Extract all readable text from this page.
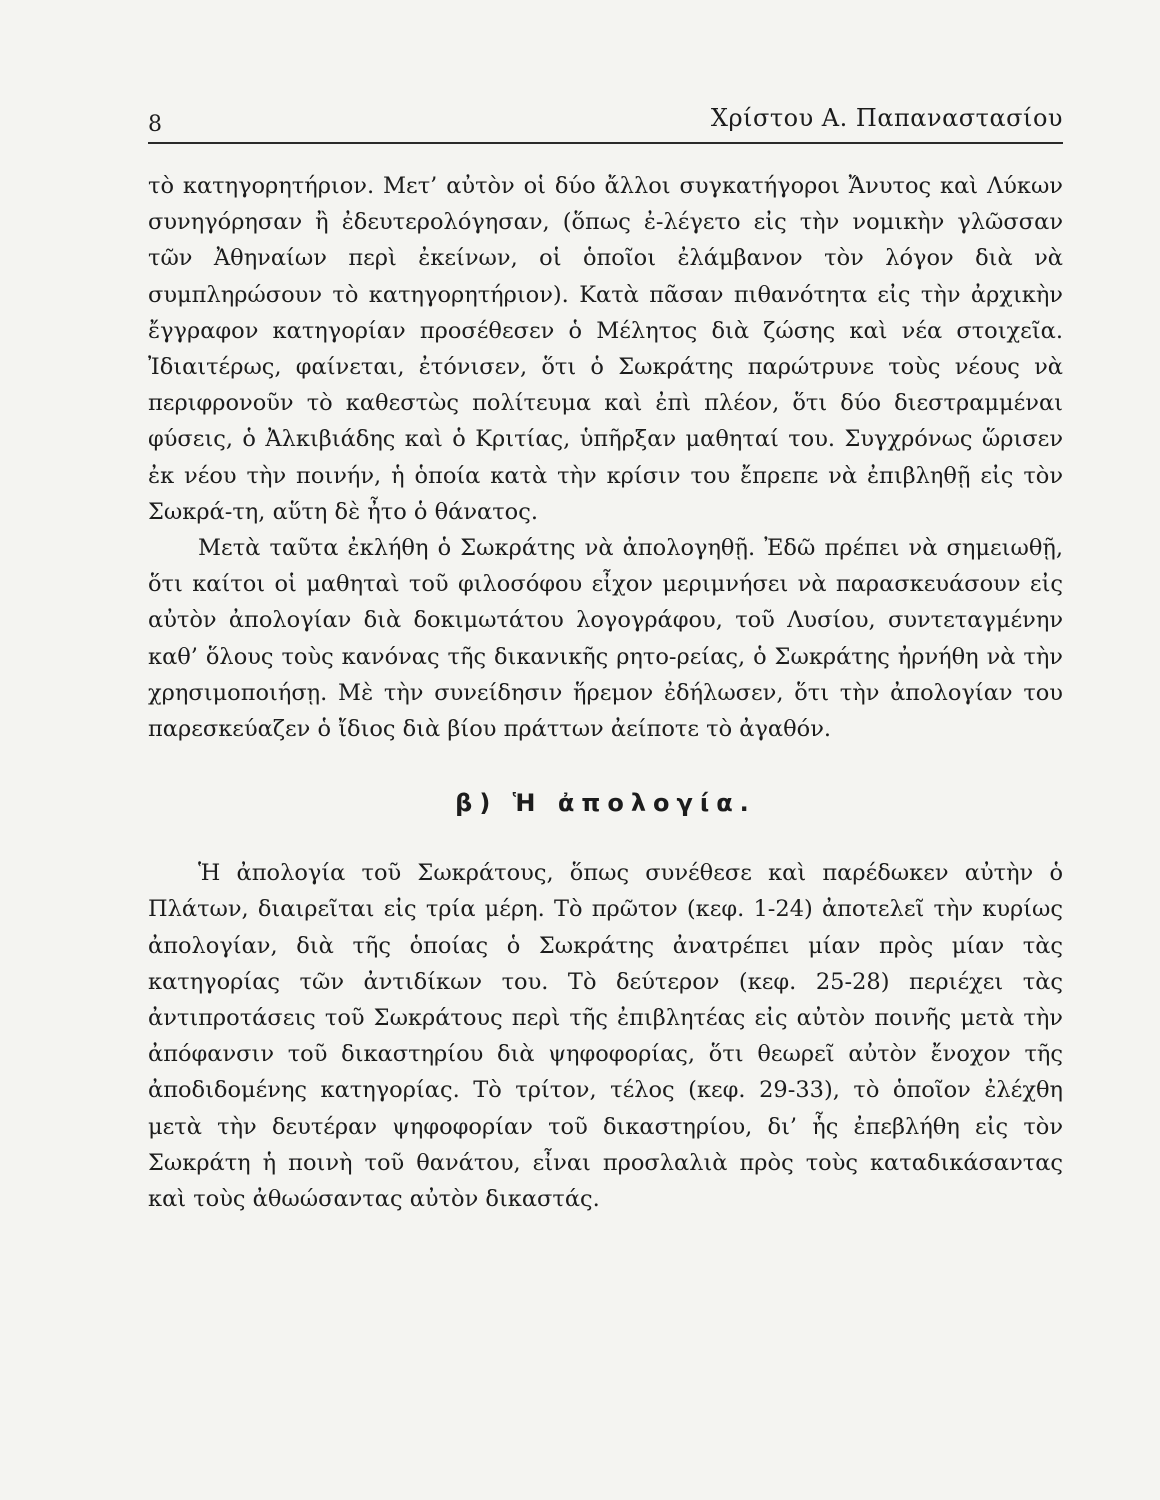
8	Χρίστου Α. Παπαναστασίου

τὸ κατηγορητήριον. Μετ’ αὐτὸν οἱ δύο ἄλλοι συγκατήγοροι Ἄνυτος καὶ Λύκων συνηγόρησαν ἢ ἐδευτερολόγησαν, (ὅπως ἐ-λέγετο εἰς τὴν νομικὴν γλῶσσαν τῶν Ἀθηναίων περὶ ἐκείνων, οἱ ὁποῖοι ἐλάμβανον τὸν λόγον διὰ νὰ συμπληρώσουν τὸ κατηγορητήριον). Κατὰ πᾶσαν πιθανότητα εἰς τὴν ἀρχικὴν ἔγγραφον κατηγορίαν προσέθεσεν ὁ Μέλητος διὰ ζώσης καὶ νέα στοιχεῖα. Ἰδιαιτέρως, φαίνεται, ἐτόνισεν, ὅτι ὁ Σωκράτης παρώτρυνε τοὺς νέους νὰ περιφρονοῦν τὸ καθεστὼς πολίτευμα καὶ ἐπὶ πλέον, ὅτι δύο διεστραμμέναι φύσεις, ὁ Ἀλκιβιάδης καὶ ὁ Κριτίας, ὑπῆρξαν μαθηταί του. Συγχρόνως ὥρισεν ἐκ νέου τὴν ποινήν, ἡ ὁποία κατὰ τὴν κρίσιν του ἔπρεπε νὰ ἐπιβληθῇ εἰς τὸν Σωκρά-τη, αὕτη δὲ ἦτο ὁ θάνατος.

Μετὰ ταῦτα ἐκλήθη ὁ Σωκράτης νὰ ἀπολογηθῇ. Ἐδῶ πρέπει νὰ σημειωθῇ, ὅτι καίτοι οἱ μαθηταὶ τοῦ φιλοσόφου εἶχον μεριμνήσει νὰ παρασκευάσουν εἰς αὐτὸν ἀπολογίαν διὰ δοκιμωτάτου λογογράφου, τοῦ Λυσίου, συντεταγμένην καθ’ ὅλους τοὺς κανόνας τῆς δικανικῆς ρητο-ρείας, ὁ Σωκράτης ἠρνήθη νὰ τὴν χρησιμοποιήσῃ. Μὲ τὴν συνείδησιν ἥρεμον ἐδήλωσεν, ὅτι τὴν ἀπολογίαν του παρεσκεύαζεν ὁ ἴδιος διὰ βίου πράττων ἀείποτε τὸ ἀγαθόν.

β) Ἡ ἀπολογία.

Ἡ ἀπολογία τοῦ Σωκράτους, ὅπως συνέθεσε καὶ παρέδωκεν αὐτὴν ὁ Πλάτων, διαιρεῖται εἰς τρία μέρη. Τὸ πρῶτον (κεφ. 1-24) ἀποτελεῖ τὴν κυρίως ἀπολογίαν, διὰ τῆς ὁποίας ὁ Σωκράτης ἀνατρέπει μίαν πρὸς μίαν τὰς κατηγορίας τῶν ἀντιδίκων του. Τὸ δεύτερον (κεφ. 25-28) περιέχει τὰς ἀντιπροτάσεις τοῦ Σωκράτους περὶ τῆς ἐπιβλητέας εἰς αὐτὸν ποινῆς μετὰ τὴν ἀπόφανσιν τοῦ δικαστηρίου διὰ ψηφοφορίας, ὅτι θεωρεῖ αὐτὸν ἔνοχον τῆς ἀποδιδομένης κατηγορίας. Τὸ τρίτον, τέλος (κεφ. 29-33), τὸ ὁποῖον ἐλέχθη μετὰ τὴν δευτέραν ψηφοφορίαν τοῦ δικαστηρίου, δι’ ἧς ἐπεβλήθη εἰς τὸν Σωκράτη ἡ ποινὴ τοῦ θανάτου, εἶναι προσλαλιὰ πρὸς τοὺς καταδικάσαντας καὶ τοὺς ἀθωώσαντας αὐτὸν δικαστάς.
